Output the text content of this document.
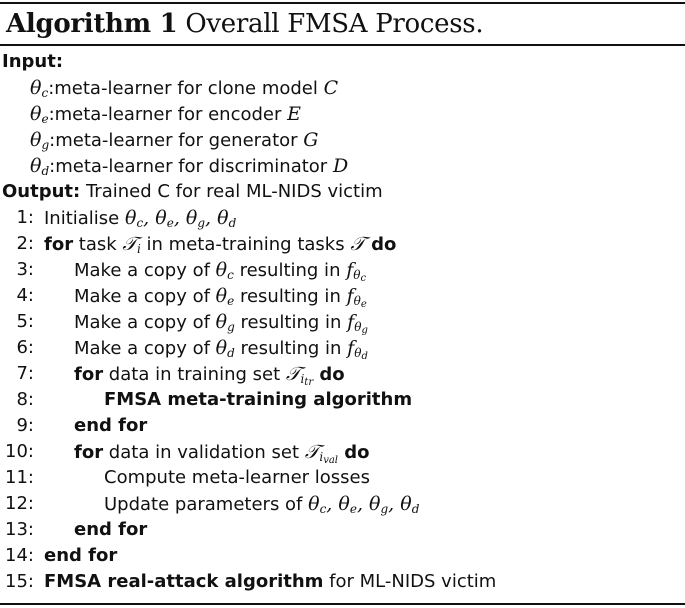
Algorithm 1 Overall FMSA Process.
Input:
$\theta_c:meta$-learner for clone model C
$\theta_e:meta$-learner for encoder E
$\theta_g:meta$-learner for generator G
$\theta_d:meta$-learner for discriminator D
Output: Trained C for real ML-NIDS victim
1: Initialise $\theta_c$, $\theta_e$, $\theta_g$, $\theta_d$
2: for task 𝒯$_i$ in meta-training tasks 𝒯 do
3: Make a copy of $\theta_c$ resulting in $f_{\theta_c}$
4: Make a copy of $\theta_e$ resulting in $f_{\theta_e}$
5: Make a copy of $\theta_g$ resulting in $f_{\theta_g}$
6: Make a copy of $\theta_d$ resulting in $f_{\theta_d}$
7: for data in training set 𝒯$_{i_{tr}}$ do
8:	FMSA meta-training algorithm
9: end for
10: for data in validation set 𝒯$_{i_{val}}$ do
11:	Compute meta-learner losses
12:	Update parameters of $\theta_c$, $\theta_e$, $\theta_g$, $\theta_d$
13: end for
14: end for
15: FMSA real-attack algorithm for ML-NIDS victim
